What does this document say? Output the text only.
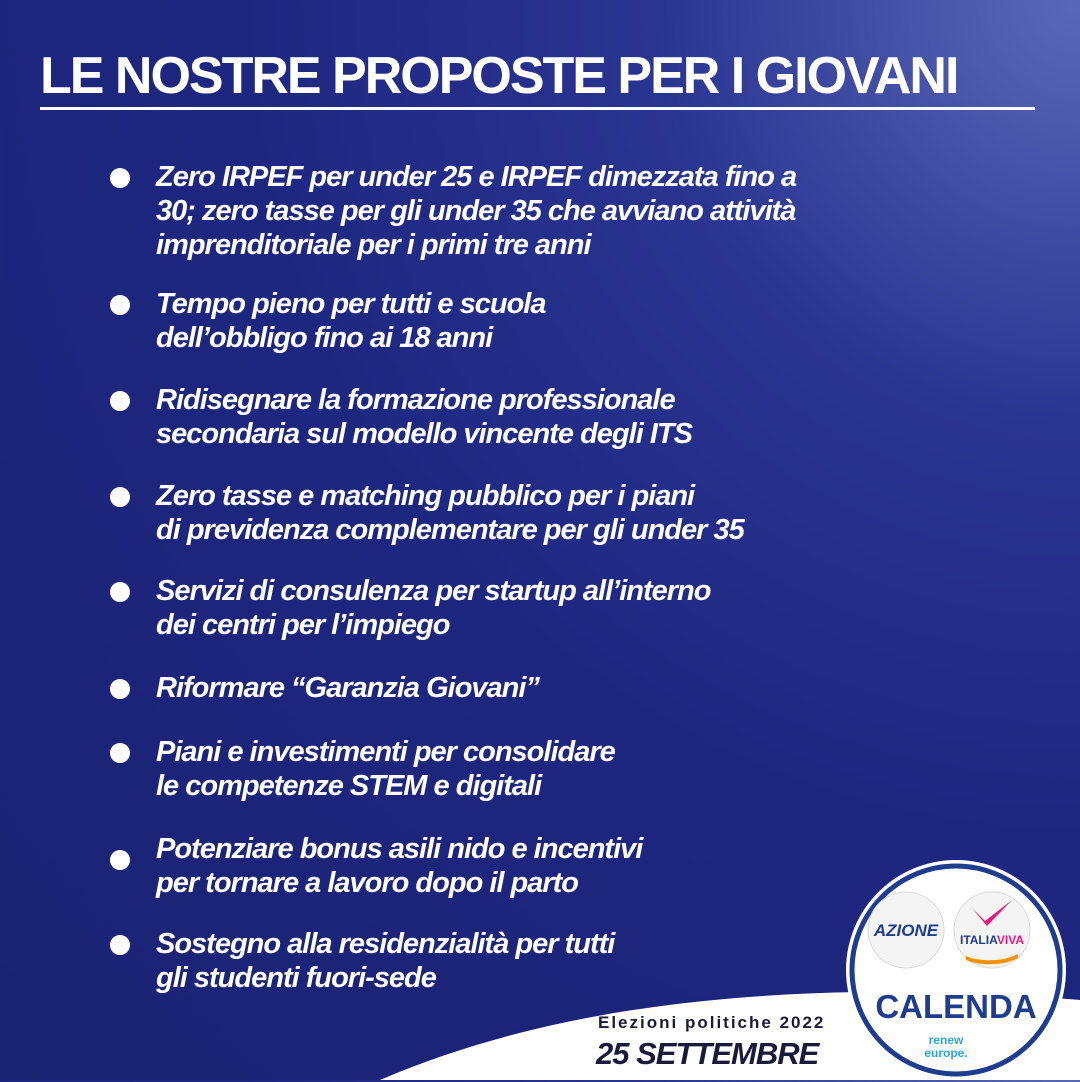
LE NOSTRE PROPOSTE PER I GIOVANI
Zero IRPEF per under 25 e IRPEF dimezzata fino a
30; zero tasse per gli under 35 che avviano attività
imprenditoriale per i primi tre anni
Tempo pieno per tutti e scuola
dell’obbligo fino ai 18 anni
Ridisegnare la formazione professionale
secondaria sul modello vincente degli ITS
Zero tasse e matching pubblico per i piani
di previdenza complementare per gli under 35
Servizi di consulenza per startup all’interno
dei centri per l’impiego
Riformare “Garanzia Giovani”
Piani e investimenti per consolidare
le competenze STEM e digitali
Potenziare bonus asili nido e incentivi
per tornare a lavoro dopo il parto
Sostegno alla residenzialità per tutti
gli studenti fuori-sede
Elezioni politiche 2022
25 SETTEMBRE
AZIONE ITALIAVIVA
CALENDA
renew
europe.
